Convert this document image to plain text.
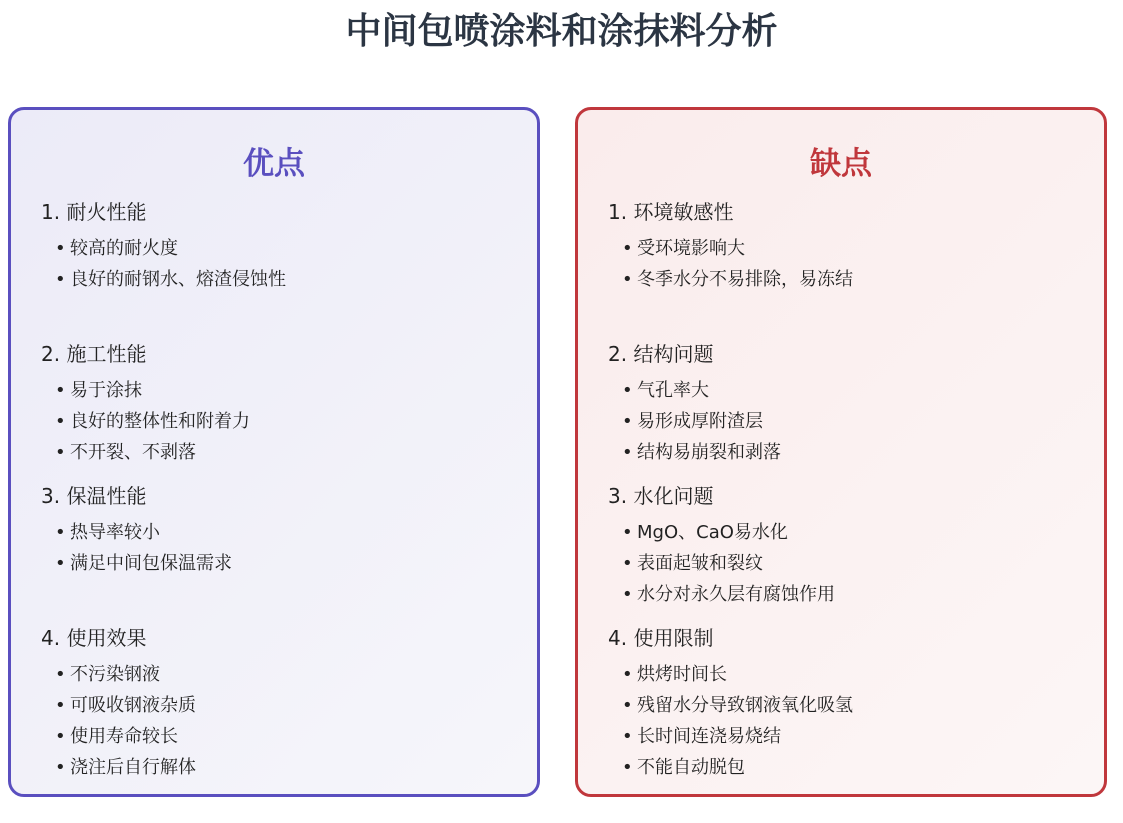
中间包喷涂料和涂抹料分析
优点
1. 耐火性能
• 较高的耐火度
• 良好的耐钢水、熔渣侵蚀性
2. 施工性能
• 易于涂抹
• 良好的整体性和附着力
• 不开裂、不剥落
3. 保温性能
• 热导率较小
• 满足中间包保温需求
4. 使用效果
• 不污染钢液
• 可吸收钢液杂质
• 使用寿命较长
• 浇注后自行解体
缺点
1. 环境敏感性
• 受环境影响大
• 冬季水分不易排除，易冻结
2. 结构问题
• 气孔率大
• 易形成厚附渣层
• 结构易崩裂和剥落
3. 水化问题
• MgO、CaO易水化
• 表面起皱和裂纹
• 水分对永久层有腐蚀作用
4. 使用限制
• 烘烤时间长
• 残留水分导致钢液氧化吸氢
• 长时间连浇易烧结
• 不能自动脱包
